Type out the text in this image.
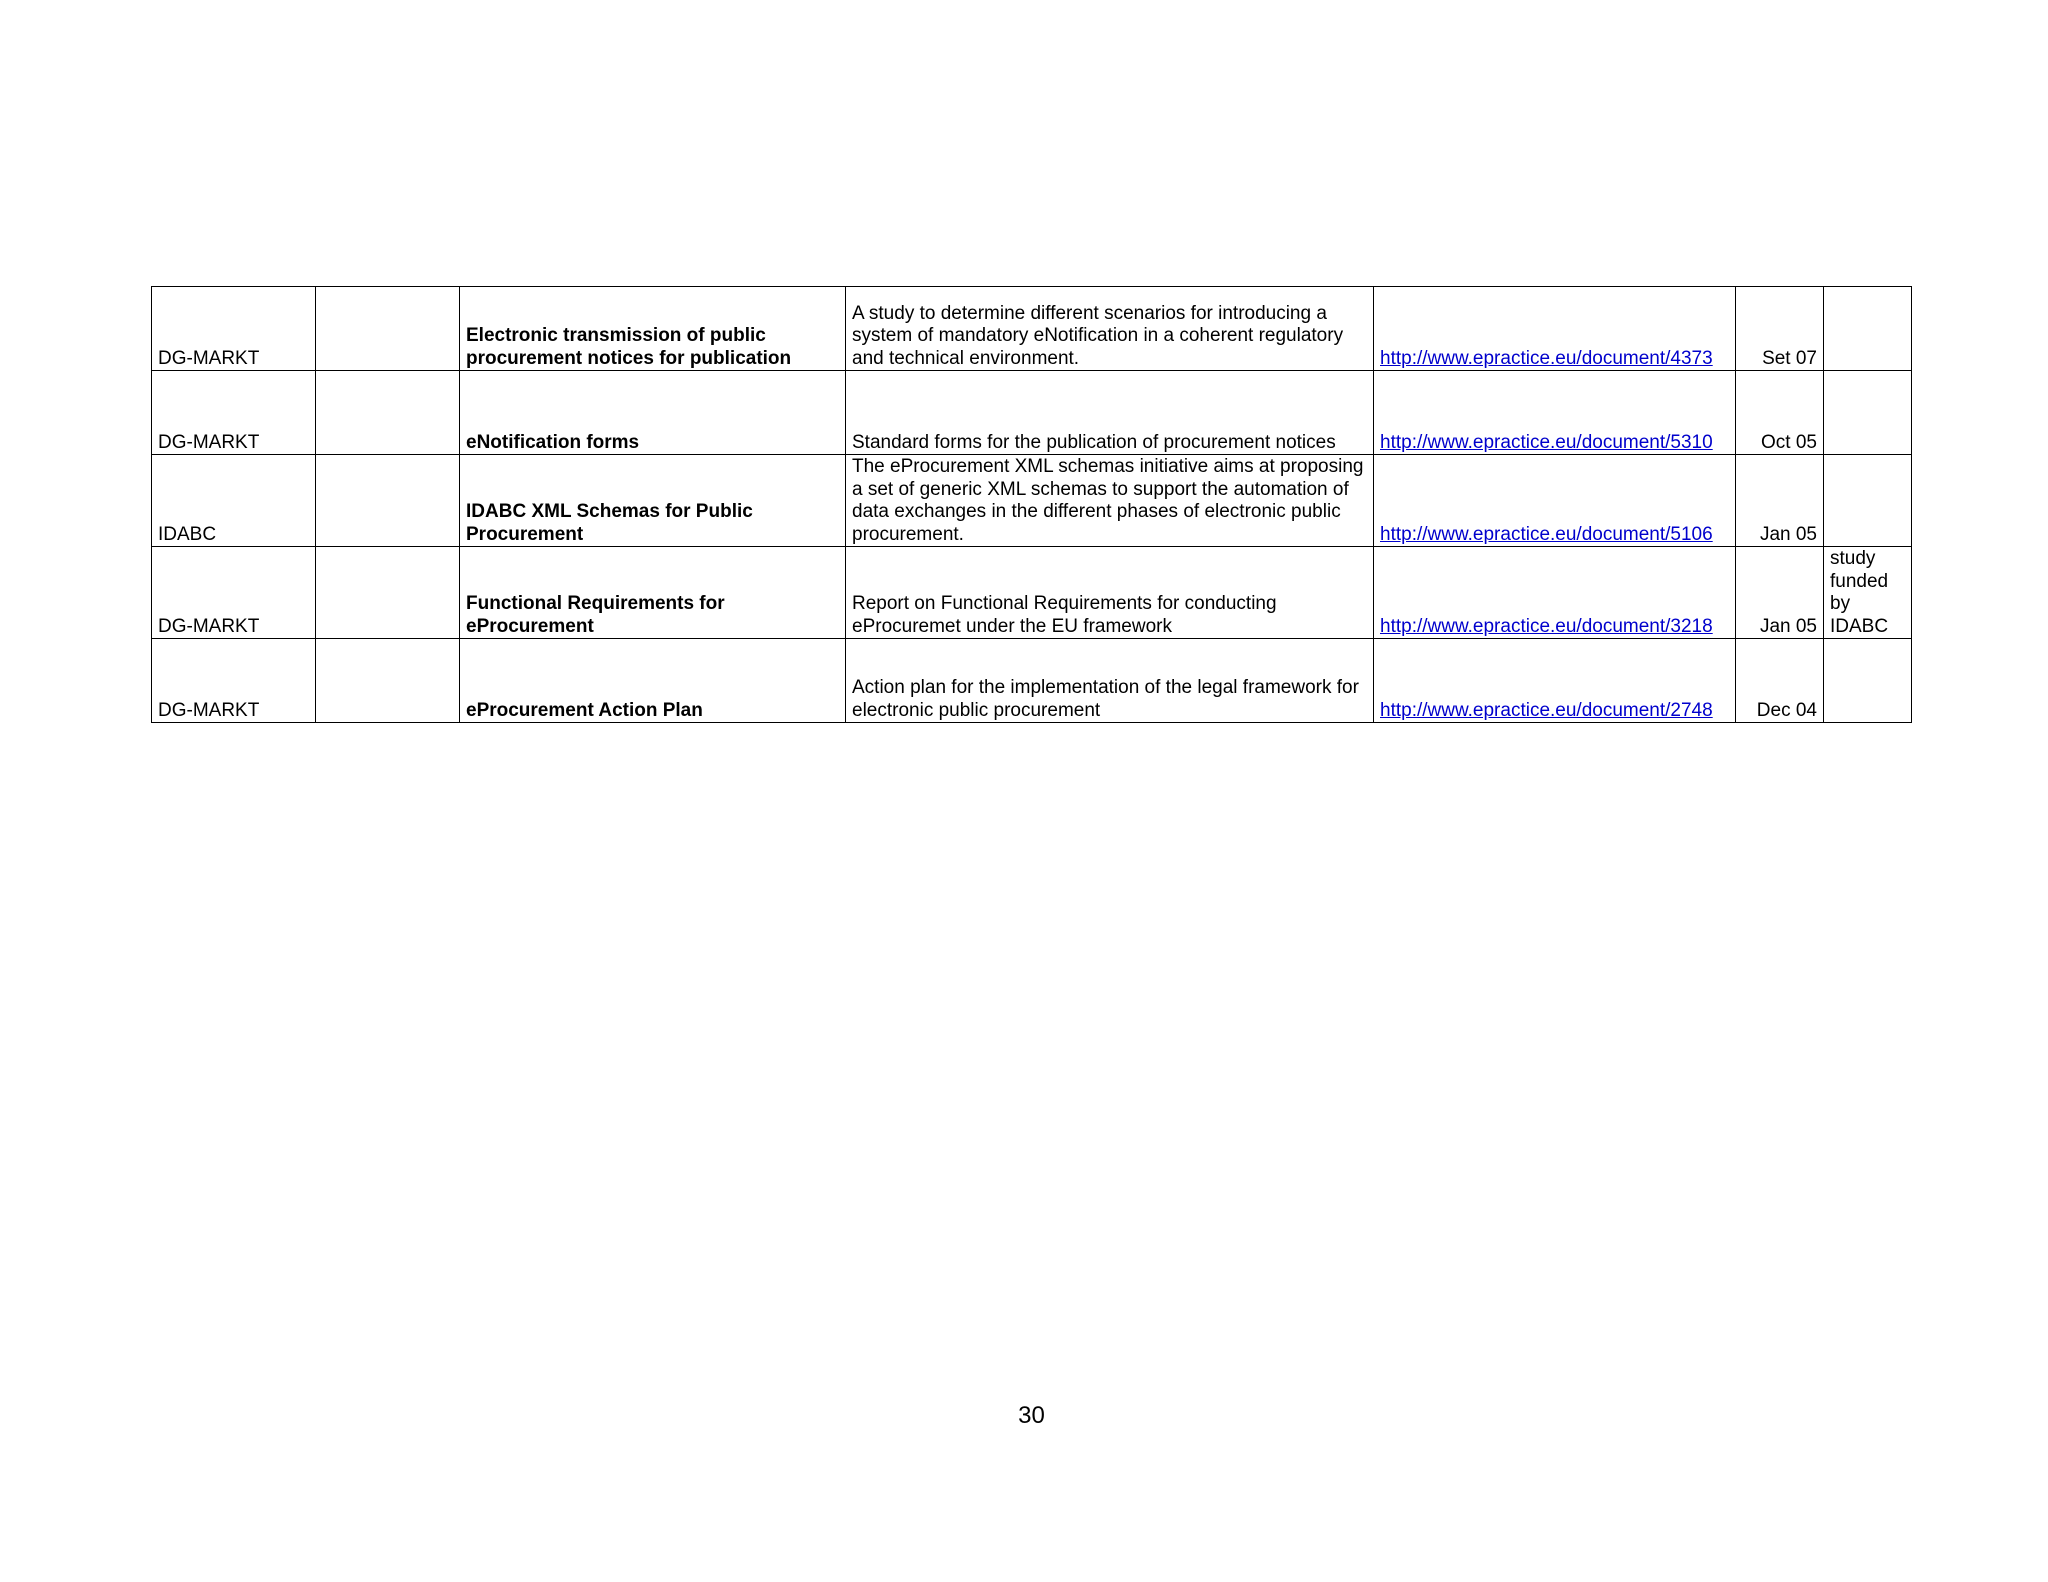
DG-MARKT		Electronic transmission of public procurement notices for publication	A study to determine different scenarios for introducing a system of mandatory eNotification in a coherent regulatory and technical environment.	http://www.epractice.eu/document/4373	Set 07	
DG-MARKT		eNotification forms	Standard forms for the publication of procurement notices	http://www.epractice.eu/document/5310	Oct 05	
IDABC		IDABC XML Schemas for Public Procurement	The eProcurement XML schemas initiative aims at proposing a set of generic XML schemas to support the automation of data exchanges in the different phases of electronic public procurement.	http://www.epractice.eu/document/5106	Jan 05	
DG-MARKT		Functional Requirements for eProcurement	Report on Functional Requirements for conducting eProcuremet under the EU framework	http://www.epractice.eu/document/3218	Jan 05	study funded by IDABC
DG-MARKT		eProcurement Action Plan	Action plan for the implementation of the legal framework for electronic public procurement	http://www.epractice.eu/document/2748	Dec 04	
30
